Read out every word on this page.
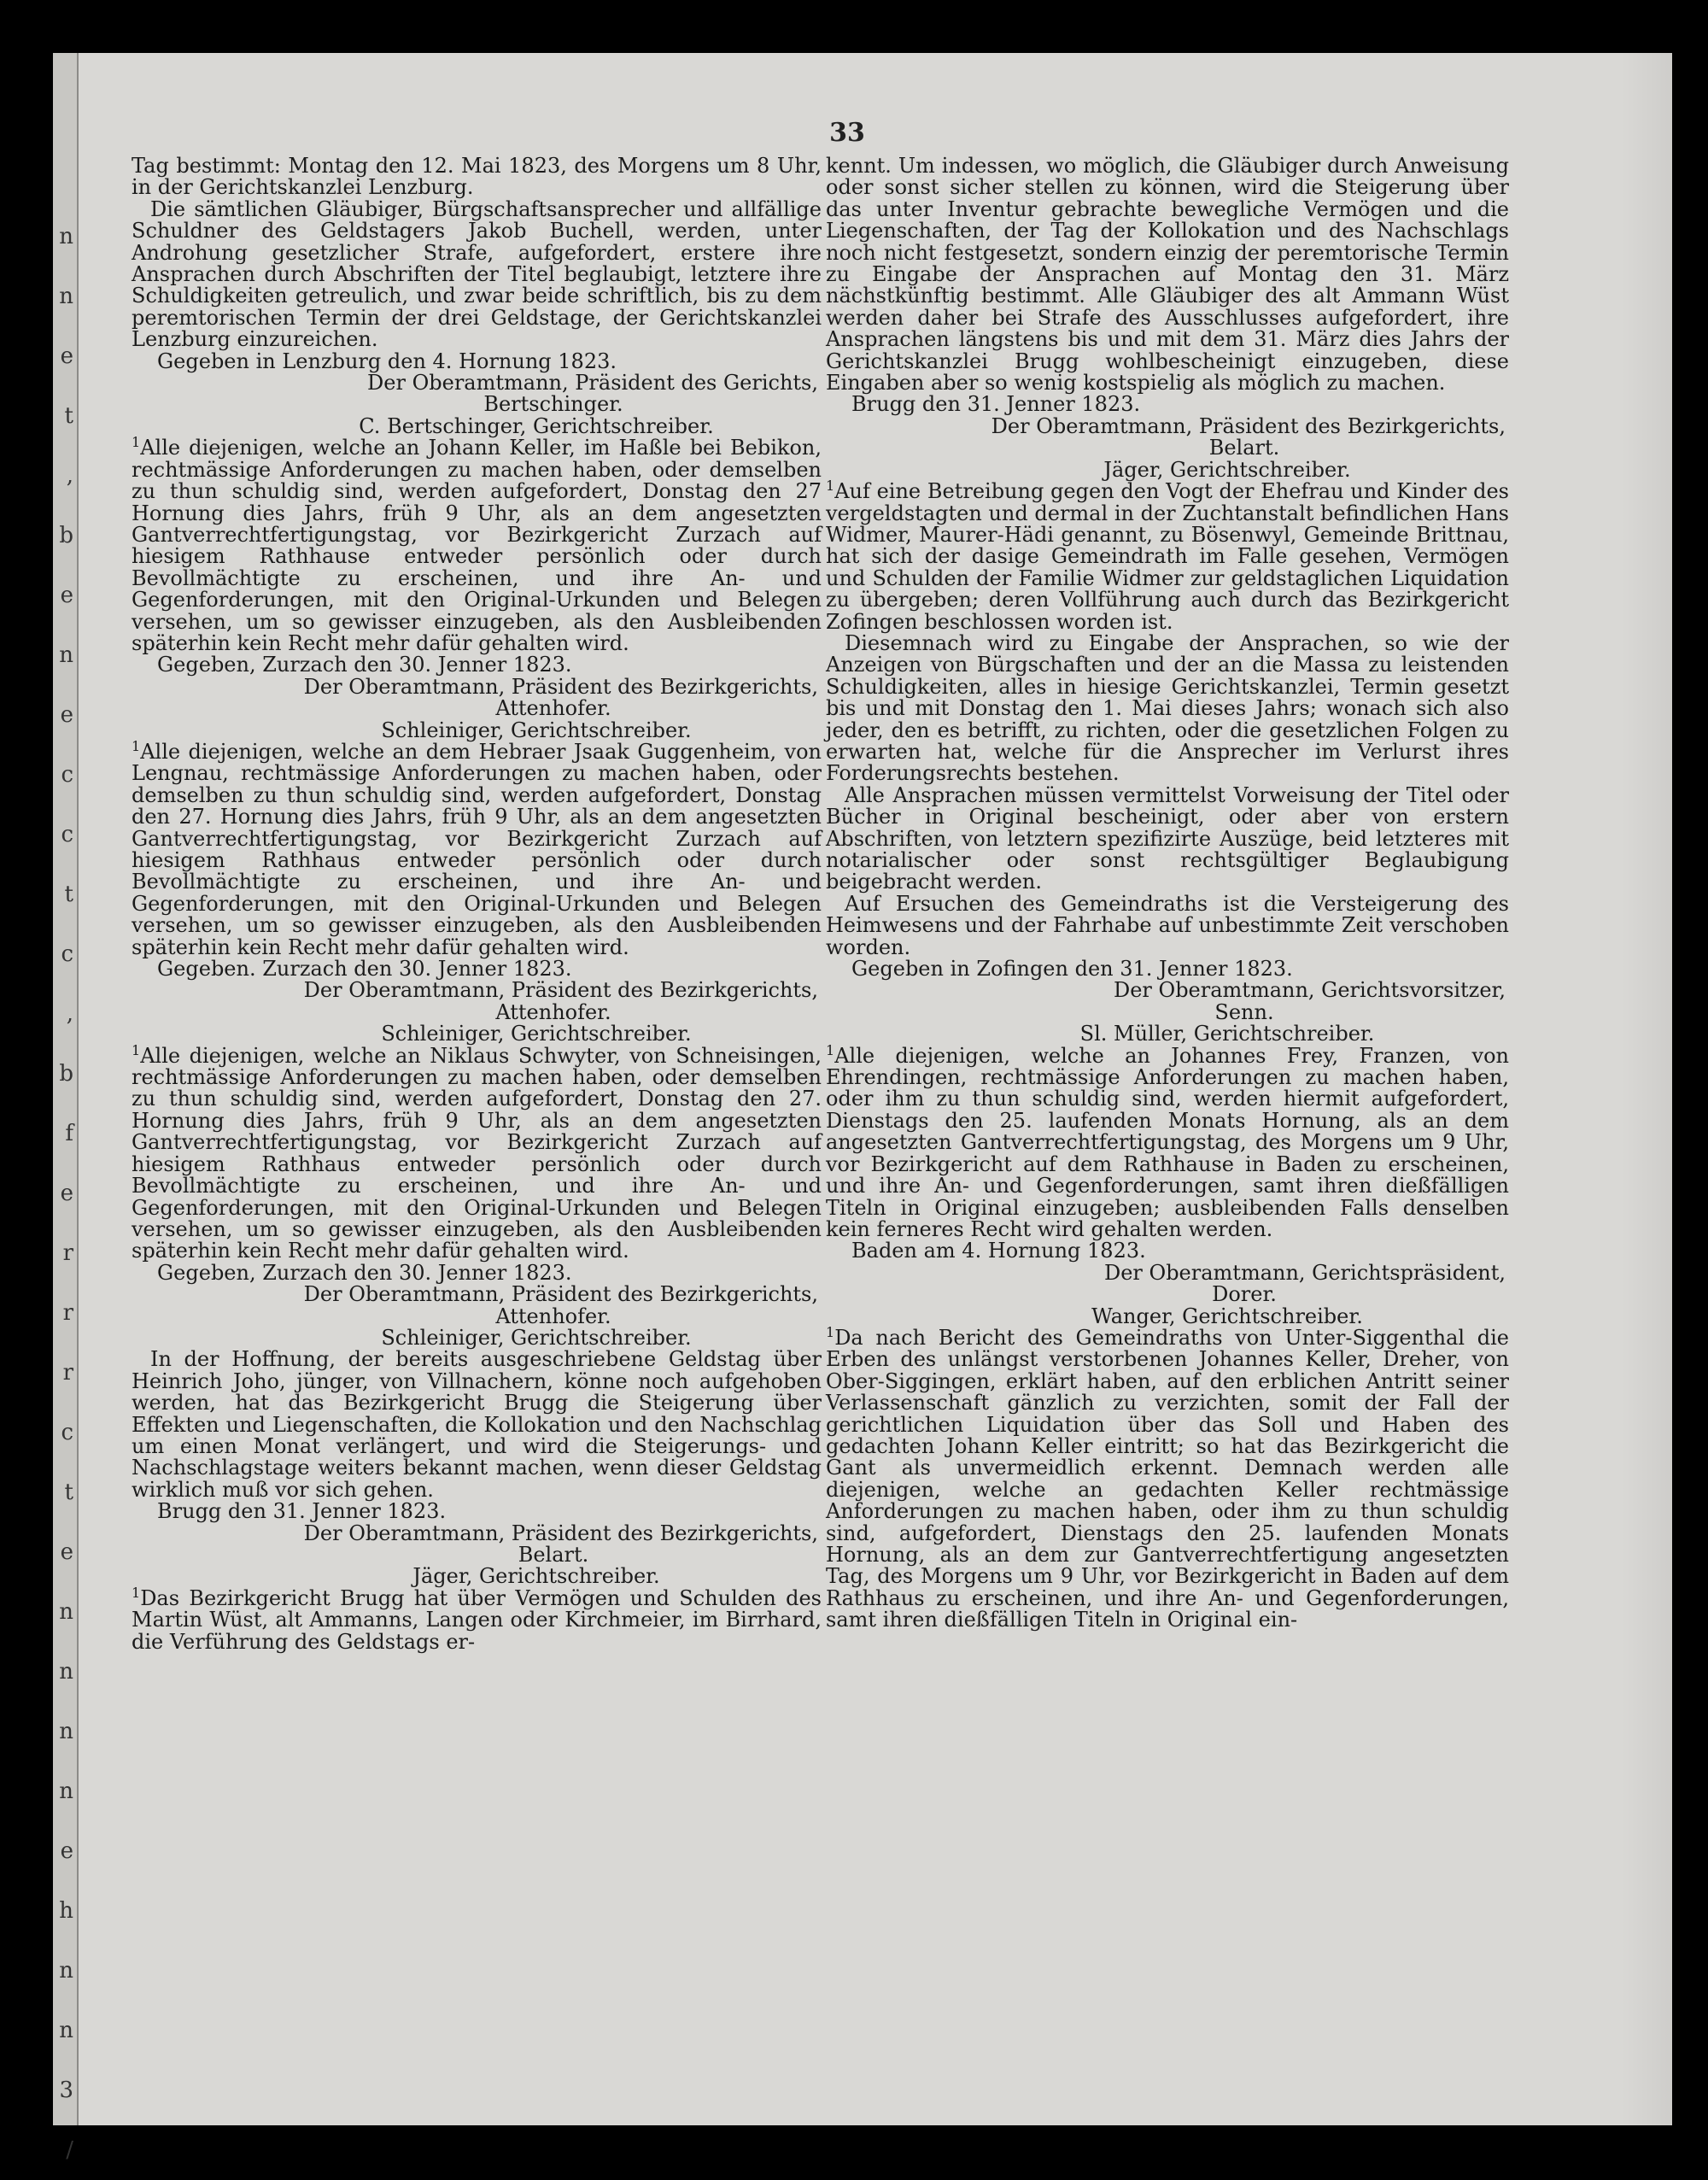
n
n
e
t
,
b
e
n
e
c
c
t
c
,
b
f
e
r
r
r
c
t
e
n
n
n
n
e
h
n
n
3
/
33

Tag bestimmt: Montag den 12. Mai 1823, des Morgens um 8 Uhr, in der Gerichtskanzlei Lenzburg.

Die sämtlichen Gläubiger, Bürgschaftsansprecher und allfällige Schuldner des Geldstagers Jakob Buchell, werden, unter Androhung gesetzlicher Strafe, aufgefordert, erstere ihre Ansprachen durch Abschriften der Titel beglaubigt, letztere ihre Schuldigkeiten getreulich, und zwar beide schriftlich, bis zu dem peremtorischen Termin der drei Geldstage, der Gerichtskanzlei Lenzburg einzureichen.

Gegeben in Lenzburg den 4. Hornung 1823.

Der Oberamtmann, Präsident des Gerichts,

Bertschinger.

C. Bertschinger, Gerichtschreiber.

$^1$Alle diejenigen, welche an Johann Keller, im Haßle bei Bebikon, rechtmässige Anforderungen zu machen haben, oder demselben zu thun schuldig sind, werden aufgefordert, Donstag den 27 Hornung dies Jahrs, früh 9 Uhr, als an dem angesetzten Gantverrechtfertigungstag, vor Bezirkgericht Zurzach auf hiesigem Rathhause entweder persönlich oder durch Bevollmächtigte zu erscheinen, und ihre An- und Gegenforderungen, mit den Original-Urkunden und Belegen versehen, um so gewisser einzugeben, als den Ausbleibenden späterhin kein Recht mehr dafür gehalten wird.

Gegeben, Zurzach den 30. Jenner 1823.

Der Oberamtmann, Präsident des Bezirkgerichts,

Attenhofer.

Schleiniger, Gerichtschreiber.

$^1$Alle diejenigen, welche an dem Hebraer Jsaak Guggenheim, von Lengnau, rechtmässige Anforderungen zu machen haben, oder demselben zu thun schuldig sind, werden aufgefordert, Donstag den 27. Hornung dies Jahrs, früh 9 Uhr, als an dem angesetzten Gantverrechtfertigungstag, vor Bezirkgericht Zurzach auf hiesigem Rathhaus entweder persönlich oder durch Bevollmächtigte zu erscheinen, und ihre An- und Gegenforderungen, mit den Original-Urkunden und Belegen versehen, um so gewisser einzugeben, als den Ausbleibenden späterhin kein Recht mehr dafür gehalten wird.

Gegeben. Zurzach den 30. Jenner 1823.

Der Oberamtmann, Präsident des Bezirkgerichts,

Attenhofer.

Schleiniger, Gerichtschreiber.

$^1$Alle diejenigen, welche an Niklaus Schwyter, von Schneisingen, rechtmässige Anforderungen zu machen haben, oder demselben zu thun schuldig sind, werden aufgefordert, Donstag den 27. Hornung dies Jahrs, früh 9 Uhr, als an dem angesetzten Gantverrechtfertigungstag, vor Bezirkgericht Zurzach auf hiesigem Rathhaus entweder persönlich oder durch Bevollmächtigte zu erscheinen, und ihre An- und Gegenforderungen, mit den Original-Urkunden und Belegen versehen, um so gewisser einzugeben, als den Ausbleibenden späterhin kein Recht mehr dafür gehalten wird.

Gegeben, Zurzach den 30. Jenner 1823.

Der Oberamtmann, Präsident des Bezirkgerichts,

Attenhofer.

Schleiniger, Gerichtschreiber.

In der Hoffnung, der bereits ausgeschriebene Geldstag über Heinrich Joho, jünger, von Villnachern, könne noch aufgehoben werden, hat das Bezirkgericht Brugg die Steigerung über Effekten und Liegenschaften, die Kollokation und den Nachschlag um einen Monat verlängert, und wird die Steigerungs- und Nachschlagstage weiters bekannt machen, wenn dieser Geldstag wirklich muß vor sich gehen.

Brugg den 31. Jenner 1823.

Der Oberamtmann, Präsident des Bezirkgerichts,

Belart.

Jäger, Gerichtschreiber.

$^1$Das Bezirkgericht Brugg hat über Vermögen und Schulden des Martin Wüst, alt Ammanns, Langen oder Kirchmeier, im Birrhard, die Verführung des Geldstags er-

kennt. Um indessen, wo möglich, die Gläubiger durch Anweisung oder sonst sicher stellen zu können, wird die Steigerung über das unter Inventur gebrachte bewegliche Vermögen und die Liegenschaften, der Tag der Kollokation und des Nachschlags noch nicht festgesetzt, sondern einzig der peremtorische Termin zu Eingabe der Ansprachen auf Montag den 31. März nächstkünftig bestimmt. Alle Gläubiger des alt Ammann Wüst werden daher bei Strafe des Ausschlusses aufgefordert, ihre Ansprachen längstens bis und mit dem 31. März dies Jahrs der Gerichtskanzlei Brugg wohlbescheinigt einzugeben, diese Eingaben aber so wenig kostspielig als möglich zu machen.

Brugg den 31. Jenner 1823.

Der Oberamtmann, Präsident des Bezirkgerichts,

Belart.

Jäger, Gerichtschreiber.

$^1$Auf eine Betreibung gegen den Vogt der Ehefrau und Kinder des vergeldstagten und dermal in der Zuchtanstalt befindlichen Hans Widmer, Maurer-Hädi genannt, zu Bösenwyl, Gemeinde Brittnau, hat sich der dasige Gemeindrath im Falle gesehen, Vermögen und Schulden der Familie Widmer zur geldstaglichen Liquidation zu übergeben; deren Vollführung auch durch das Bezirkgericht Zofingen beschlossen worden ist.

Diesemnach wird zu Eingabe der Ansprachen, so wie der Anzeigen von Bürgschaften und der an die Massa zu leistenden Schuldigkeiten, alles in hiesige Gerichtskanzlei, Termin gesetzt bis und mit Donstag den 1. Mai dieses Jahrs; wonach sich also jeder, den es betrifft, zu richten, oder die gesetzlichen Folgen zu erwarten hat, welche für die Ansprecher im Verlurst ihres Forderungsrechts bestehen.

Alle Ansprachen müssen vermittelst Vorweisung der Titel oder Bücher in Original bescheinigt, oder aber von erstern Abschriften, von letztern spezifizirte Auszüge, beid letzteres mit notarialischer oder sonst rechtsgültiger Beglaubigung beigebracht werden.

Auf Ersuchen des Gemeindraths ist die Versteigerung des Heimwesens und der Fahrhabe auf unbestimmte Zeit verschoben worden.

Gegeben in Zofingen den 31. Jenner 1823.

Der Oberamtmann, Gerichtsvorsitzer,

Senn.

Sl. Müller, Gerichtschreiber.

$^1$Alle diejenigen, welche an Johannes Frey, Franzen, von Ehrendingen, rechtmässige Anforderungen zu machen haben, oder ihm zu thun schuldig sind, werden hiermit aufgefordert, Dienstags den 25. laufenden Monats Hornung, als an dem angesetzten Gantverrechtfertigungstag, des Morgens um 9 Uhr, vor Bezirkgericht auf dem Rathhause in Baden zu erscheinen, und ihre An- und Gegenforderungen, samt ihren dießfälligen Titeln in Original einzugeben; ausbleibenden Falls denselben kein ferneres Recht wird gehalten werden.

Baden am 4. Hornung 1823.

Der Oberamtmann, Gerichtspräsident,

Dorer.

Wanger, Gerichtschreiber.

$^1$Da nach Bericht des Gemeindraths von Unter-Siggenthal die Erben des unlängst verstorbenen Johannes Keller, Dreher, von Ober-Siggingen, erklärt haben, auf den erblichen Antritt seiner Verlassenschaft gänzlich zu verzichten, somit der Fall der gerichtlichen Liquidation über das Soll und Haben des gedachten Johann Keller eintritt; so hat das Bezirkgericht die Gant als unvermeidlich erkennt. Demnach werden alle diejenigen, welche an gedachten Keller rechtmässige Anforderungen zu machen haben, oder ihm zu thun schuldig sind, aufgefordert, Dienstags den 25. laufenden Monats Hornung, als an dem zur Gantverrechtfertigung angesetzten Tag, des Morgens um 9 Uhr, vor Bezirkgericht in Baden auf dem Rathhaus zu erscheinen, und ihre An- und Gegenforderungen, samt ihren dießfälligen Titeln in Original ein-
